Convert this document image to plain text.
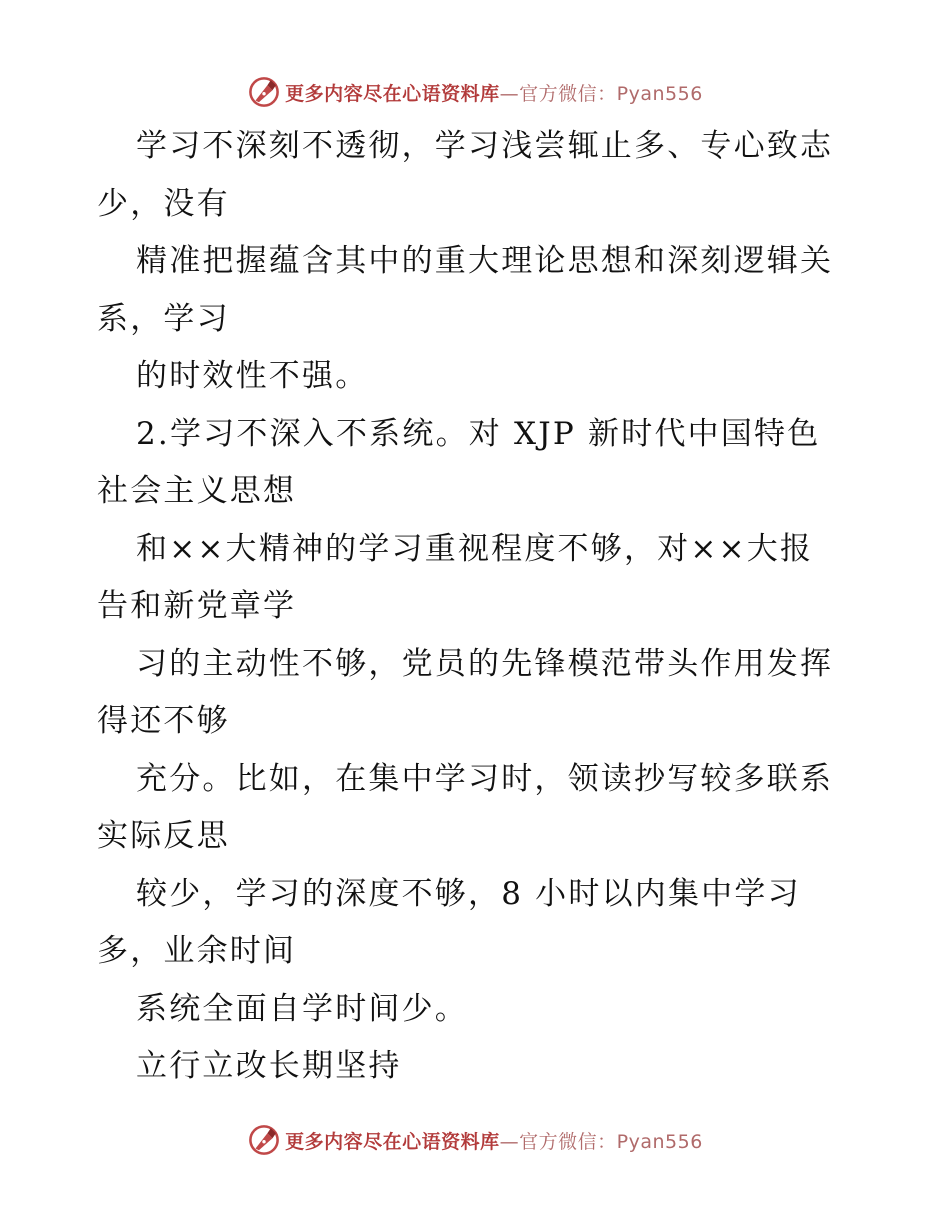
更多内容尽在心语资料库—官方微信：Pyan556
学习不深刻不透彻，学习浅尝辄止多、专心致志
少，没有
精准把握蕴含其中的重大理论思想和深刻逻辑关
系，学习
的时效性不强。
2.学习不深入不系统。对 XJP 新时代中国特色
社会主义思想
和××大精神的学习重视程度不够，对××大报
告和新党章学
习的主动性不够，党员的先锋模范带头作用发挥
得还不够
充分。比如，在集中学习时，领读抄写较多联系
实际反思
较少，学习的深度不够，8 小时以内集中学习
多，业余时间
系统全面自学时间少。
立行立改长期坚持
更多内容尽在心语资料库—官方微信：Pyan556
